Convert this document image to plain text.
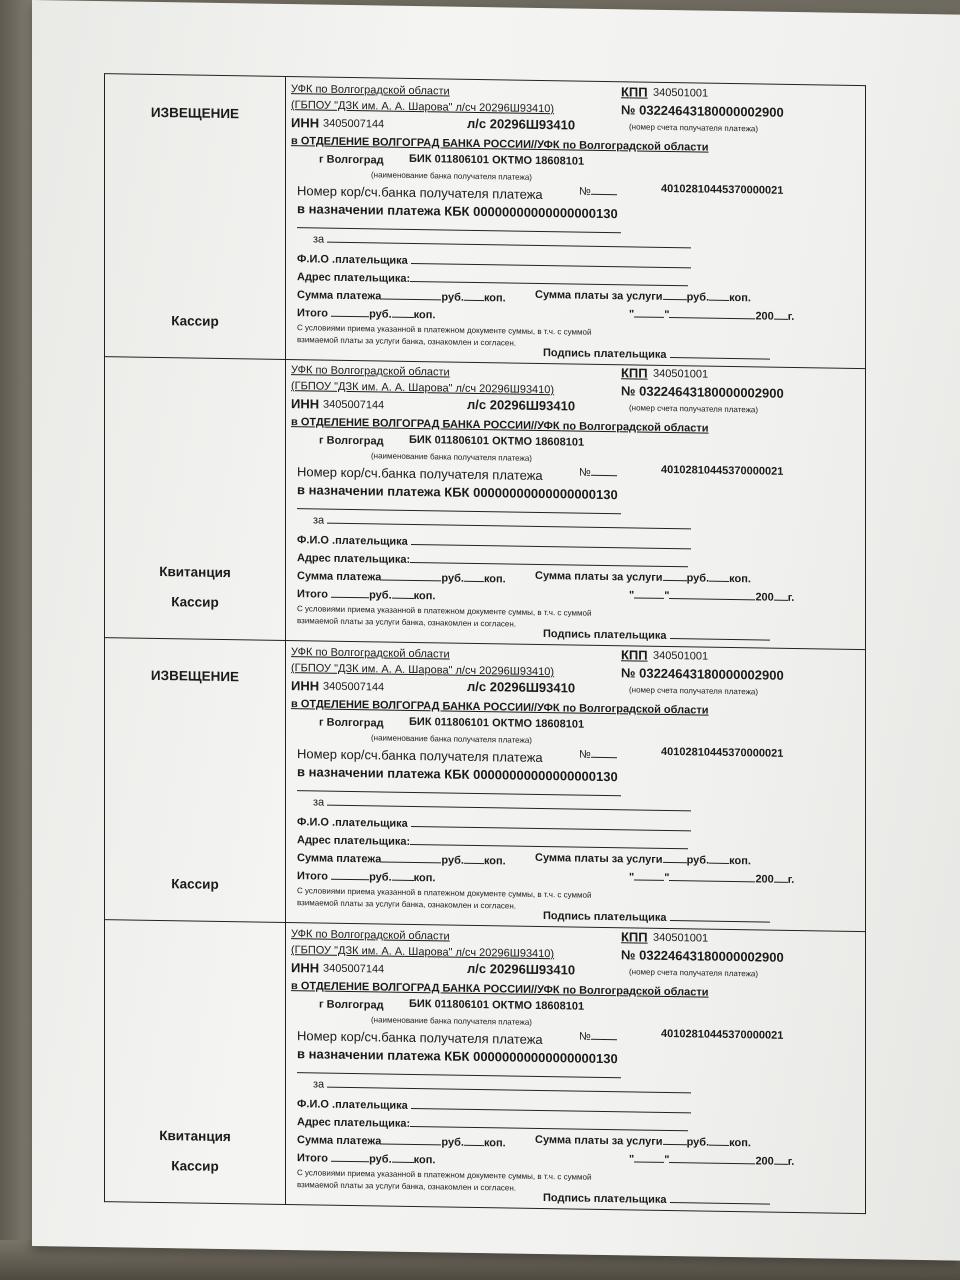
ИЗВЕЩЕНИЕ
Кассир
УФК по Волгоградской области	КПП 340501001
(ГБПОУ "ДЗК им. А. А. Шарова" л/сч 20296Ш93410)	№ 03224643180000002900
ИНН 3405007144	л/с 20296Ш93410	(номер счета получателя платежа)
в ОТДЕЛЕНИЕ ВОЛГОГРАД БАНКА РОССИИ//УФК по Волгоградской области
г Волгоград БИК 011806101 ОКТМО 18608101
(наименование банка получателя платежа)
Номер кор/сч.банка получателя платежа	№	40102810445370000021
в назначении платежа КБК 00000000000000000130
за
Ф.И.О .плательщика
Адрес плательщика:
Сумма платежа	руб. коп.	Сумма платы за услуги руб. коп.
Итого	руб. коп.	"	"	200 г.
С условиями приема указанной в платежном документе суммы, в т.ч. с суммой
взимаемой платы за услуги банка, ознакомлен и согласен.
Подпись плательщика
Квитанция
Кассир
УФК по Волгоградской области	КПП 340501001
(ГБПОУ "ДЗК им. А. А. Шарова" л/сч 20296Ш93410)	№ 03224643180000002900
ИНН 3405007144	л/с 20296Ш93410	(номер счета получателя платежа)
в ОТДЕЛЕНИЕ ВОЛГОГРАД БАНКА РОССИИ//УФК по Волгоградской области
г Волгоград БИК 011806101 ОКТМО 18608101
(наименование банка получателя платежа)
Номер кор/сч.банка получателя платежа	№	40102810445370000021
в назначении платежа КБК 00000000000000000130
за
Ф.И.О .плательщика
Адрес плательщика:
Сумма платежа	руб. коп.	Сумма платы за услуги руб. коп.
Итого	руб. коп.	"	"	200 г.
С условиями приема указанной в платежном документе суммы, в т.ч. с суммой
взимаемой платы за услуги банка, ознакомлен и согласен.
Подпись плательщика
ИЗВЕЩЕНИЕ
Кассир
УФК по Волгоградской области	КПП 340501001
(ГБПОУ "ДЗК им. А. А. Шарова" л/сч 20296Ш93410)	№ 03224643180000002900
ИНН 3405007144	л/с 20296Ш93410	(номер счета получателя платежа)
в ОТДЕЛЕНИЕ ВОЛГОГРАД БАНКА РОССИИ//УФК по Волгоградской области
г Волгоград БИК 011806101 ОКТМО 18608101
(наименование банка получателя платежа)
Номер кор/сч.банка получателя платежа	№	40102810445370000021
в назначении платежа КБК 00000000000000000130
за
Ф.И.О .плательщика
Адрес плательщика:
Сумма платежа	руб. коп.	Сумма платы за услуги руб. коп.
Итого	руб. коп.	"	"	200 г.
С условиями приема указанной в платежном документе суммы, в т.ч. с суммой
взимаемой платы за услуги банка, ознакомлен и согласен.
Подпись плательщика
Квитанция
Кассир
УФК по Волгоградской области	КПП 340501001
(ГБПОУ "ДЗК им. А. А. Шарова" л/сч 20296Ш93410)	№ 03224643180000002900
ИНН 3405007144	л/с 20296Ш93410	(номер счета получателя платежа)
в ОТДЕЛЕНИЕ ВОЛГОГРАД БАНКА РОССИИ//УФК по Волгоградской области
г Волгоград БИК 011806101 ОКТМО 18608101
(наименование банка получателя платежа)
Номер кор/сч.банка получателя платежа	№	40102810445370000021
в назначении платежа КБК 00000000000000000130
за
Ф.И.О .плательщика
Адрес плательщика:
Сумма платежа	руб. коп.	Сумма платы за услуги руб. коп.
Итого	руб. коп.	"	"	200 г.
С условиями приема указанной в платежном документе суммы, в т.ч. с суммой
взимаемой платы за услуги банка, ознакомлен и согласен.
Подпись плательщика
